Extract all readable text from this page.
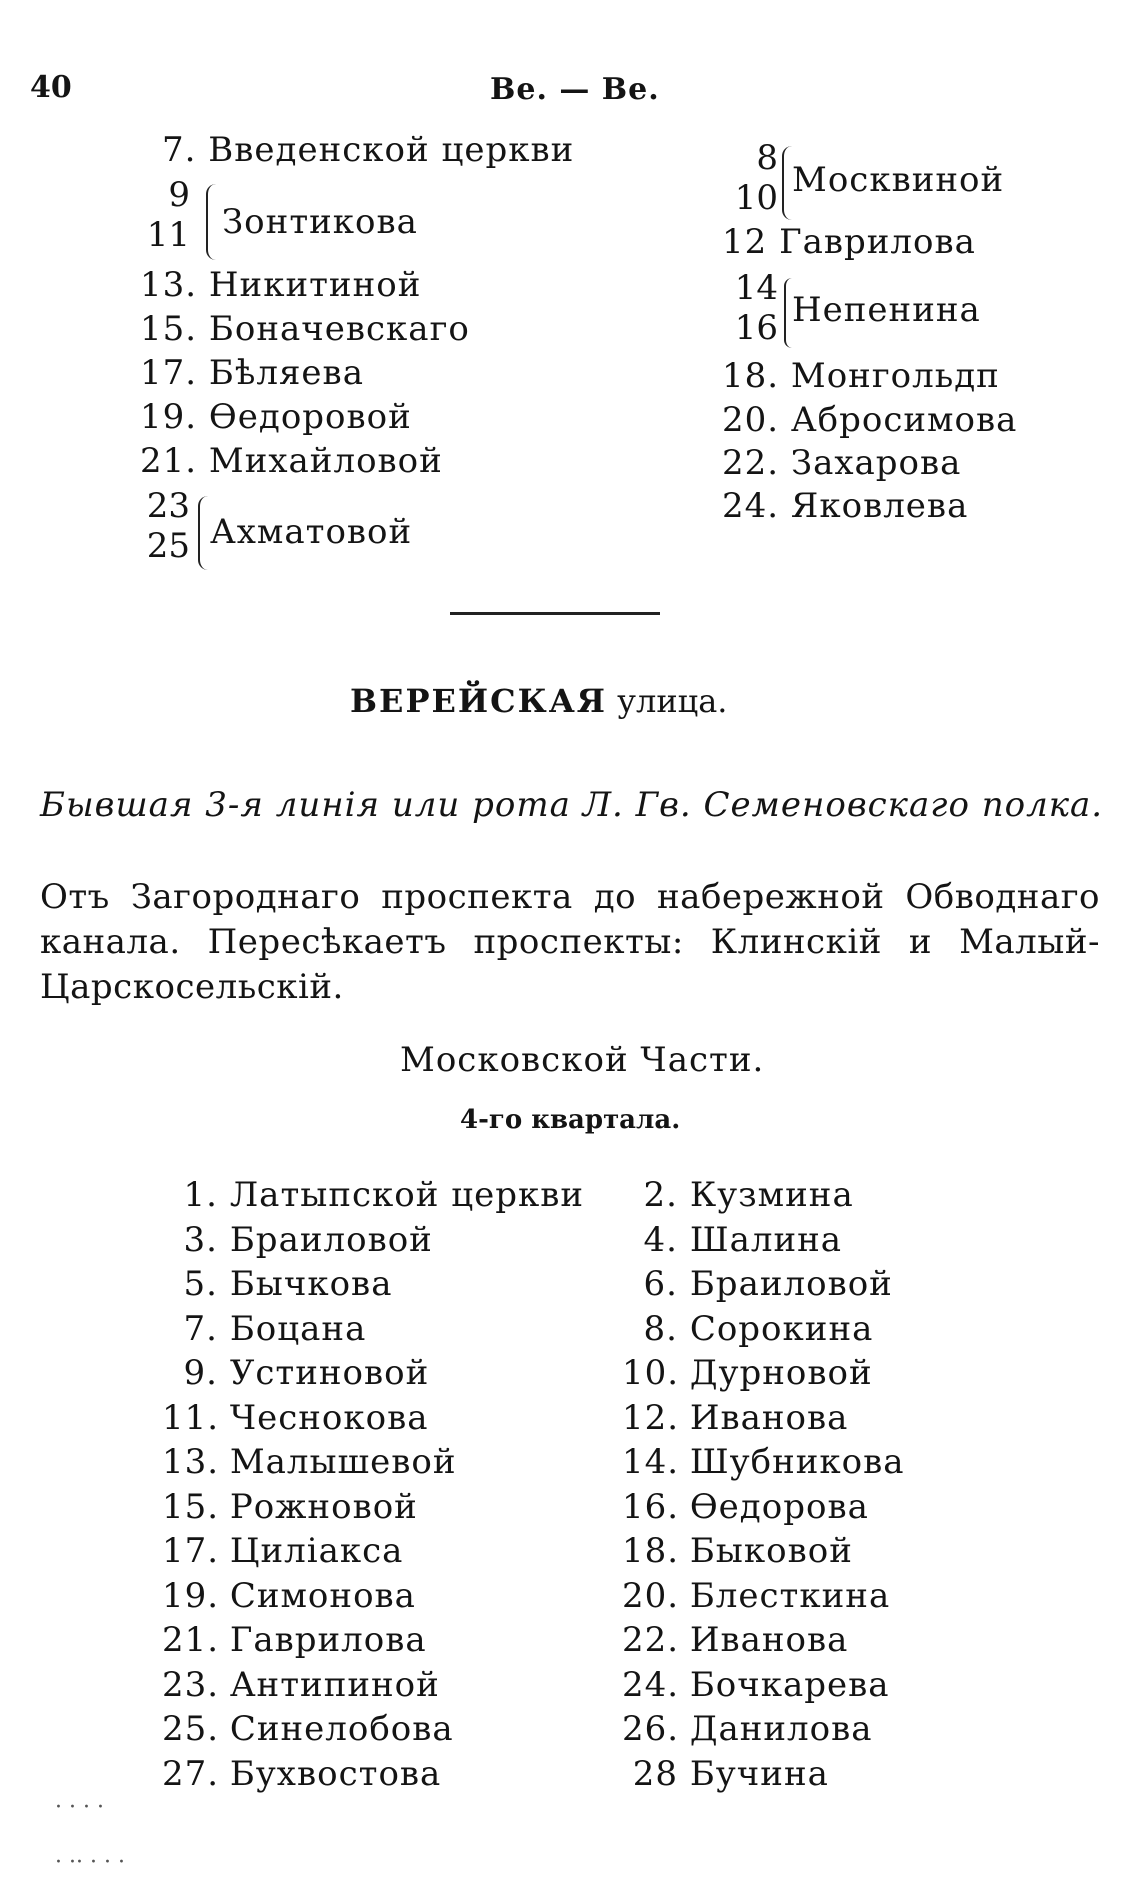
40	Ве. — Ве.
7. Введенской церкви
9
11 Зонтикова
13. Никитиной
15. Боначевскаго
17. Бѣляева
19. Ѳедоровой
21. Михайловой
23
25 Ахматовой
8
10 Москвиной
12 Гаврилова
14
16 Непенина
18. Монгольдп
20. Абросимова
22. Захарова
24. Яковлева
ВЕРЕЙСКАЯ улица.
Бывшая 3-я линія или рота Л. Гв. Семеновскаго полка.
Отъ Загороднаго проспекта до набережной Обводнаго канала. Пересѣкаетъ проспекты: Клинскій и Малый-Царскосельскій.
Московской Части.
4-го квартала.
1. Латыпской церкви
3. Браиловой
5. Бычкова
7. Боцана
9. Устиновой
11. Чеснокова
13. Малышевой
15. Рожновой
17. Циліакса
19. Симонова
21. Гаврилова
23. Антипиной
25. Синелобова
27. Бухвостова
2. Кузмина
4. Шалина
6. Браиловой
8. Сорокина
10. Дурновой
12. Иванова
14. Шубникова
16. Ѳедорова
18. Быковой
20. Блесткина
22. Иванова
24. Бочкарева
26. Данилова
28 Бучина
· · · ·
· ·· · · ·
